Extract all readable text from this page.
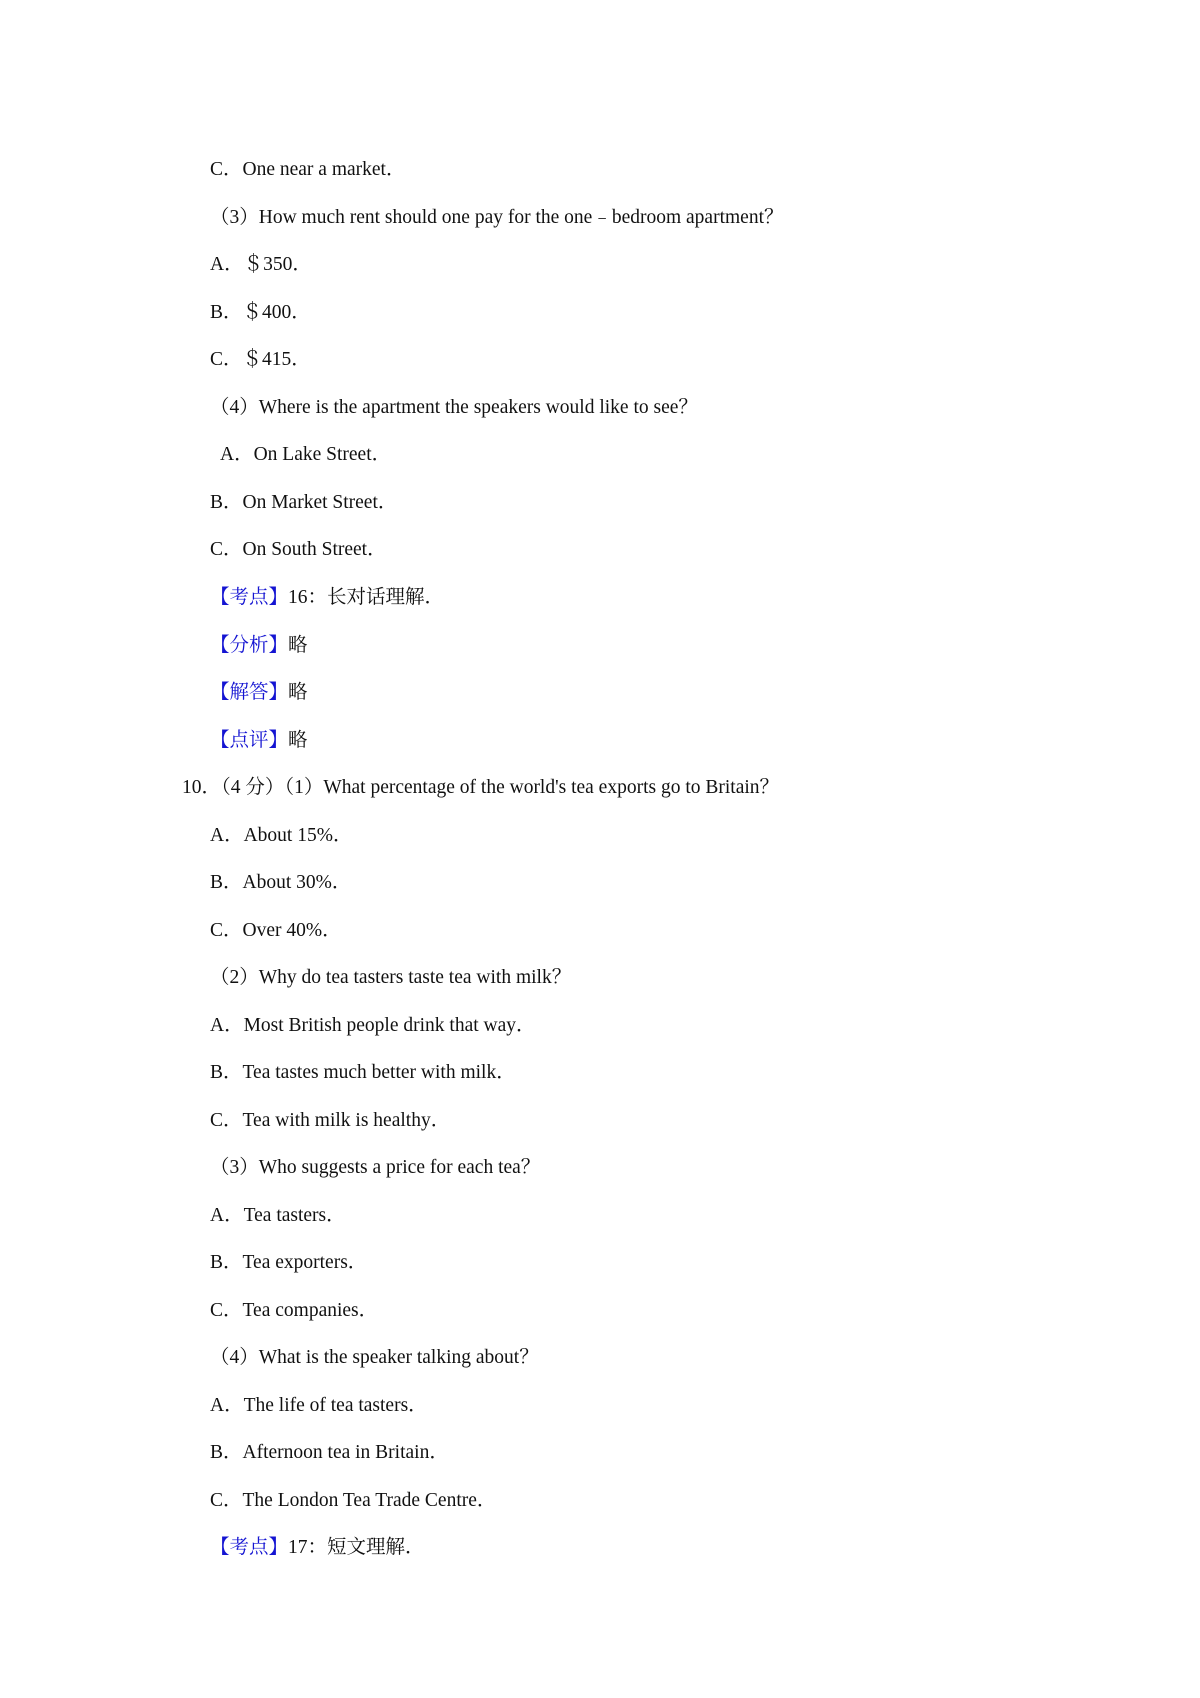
C．One near a market．
（3）How much rent should one pay for the one﹣bedroom apartment？
A．＄350．
B．＄400．
C．＄415．
（4）Where is the apartment the speakers would like to see？
A．On Lake Street．
B．On Market Street．
C．On South Street．
【考点】16：长对话理解．
【分析】略
【解答】略
【点评】略
10．（4 分）（1）What percentage of the world's tea exports go to Britain？
A．About 15%．
B．About 30%．
C．Over 40%．
（2）Why do tea tasters taste tea with milk？
A．Most British people drink that way．
B．Tea tastes much better with milk．
C．Tea with milk is healthy．
（3）Who suggests a price for each tea？
A．Tea tasters．
B．Tea exporters．
C．Tea companies．
（4）What is the speaker talking about？
A．The life of tea tasters．
B．Afternoon tea in Britain．
C．The London Tea Trade Centre．
【考点】17：短文理解．
